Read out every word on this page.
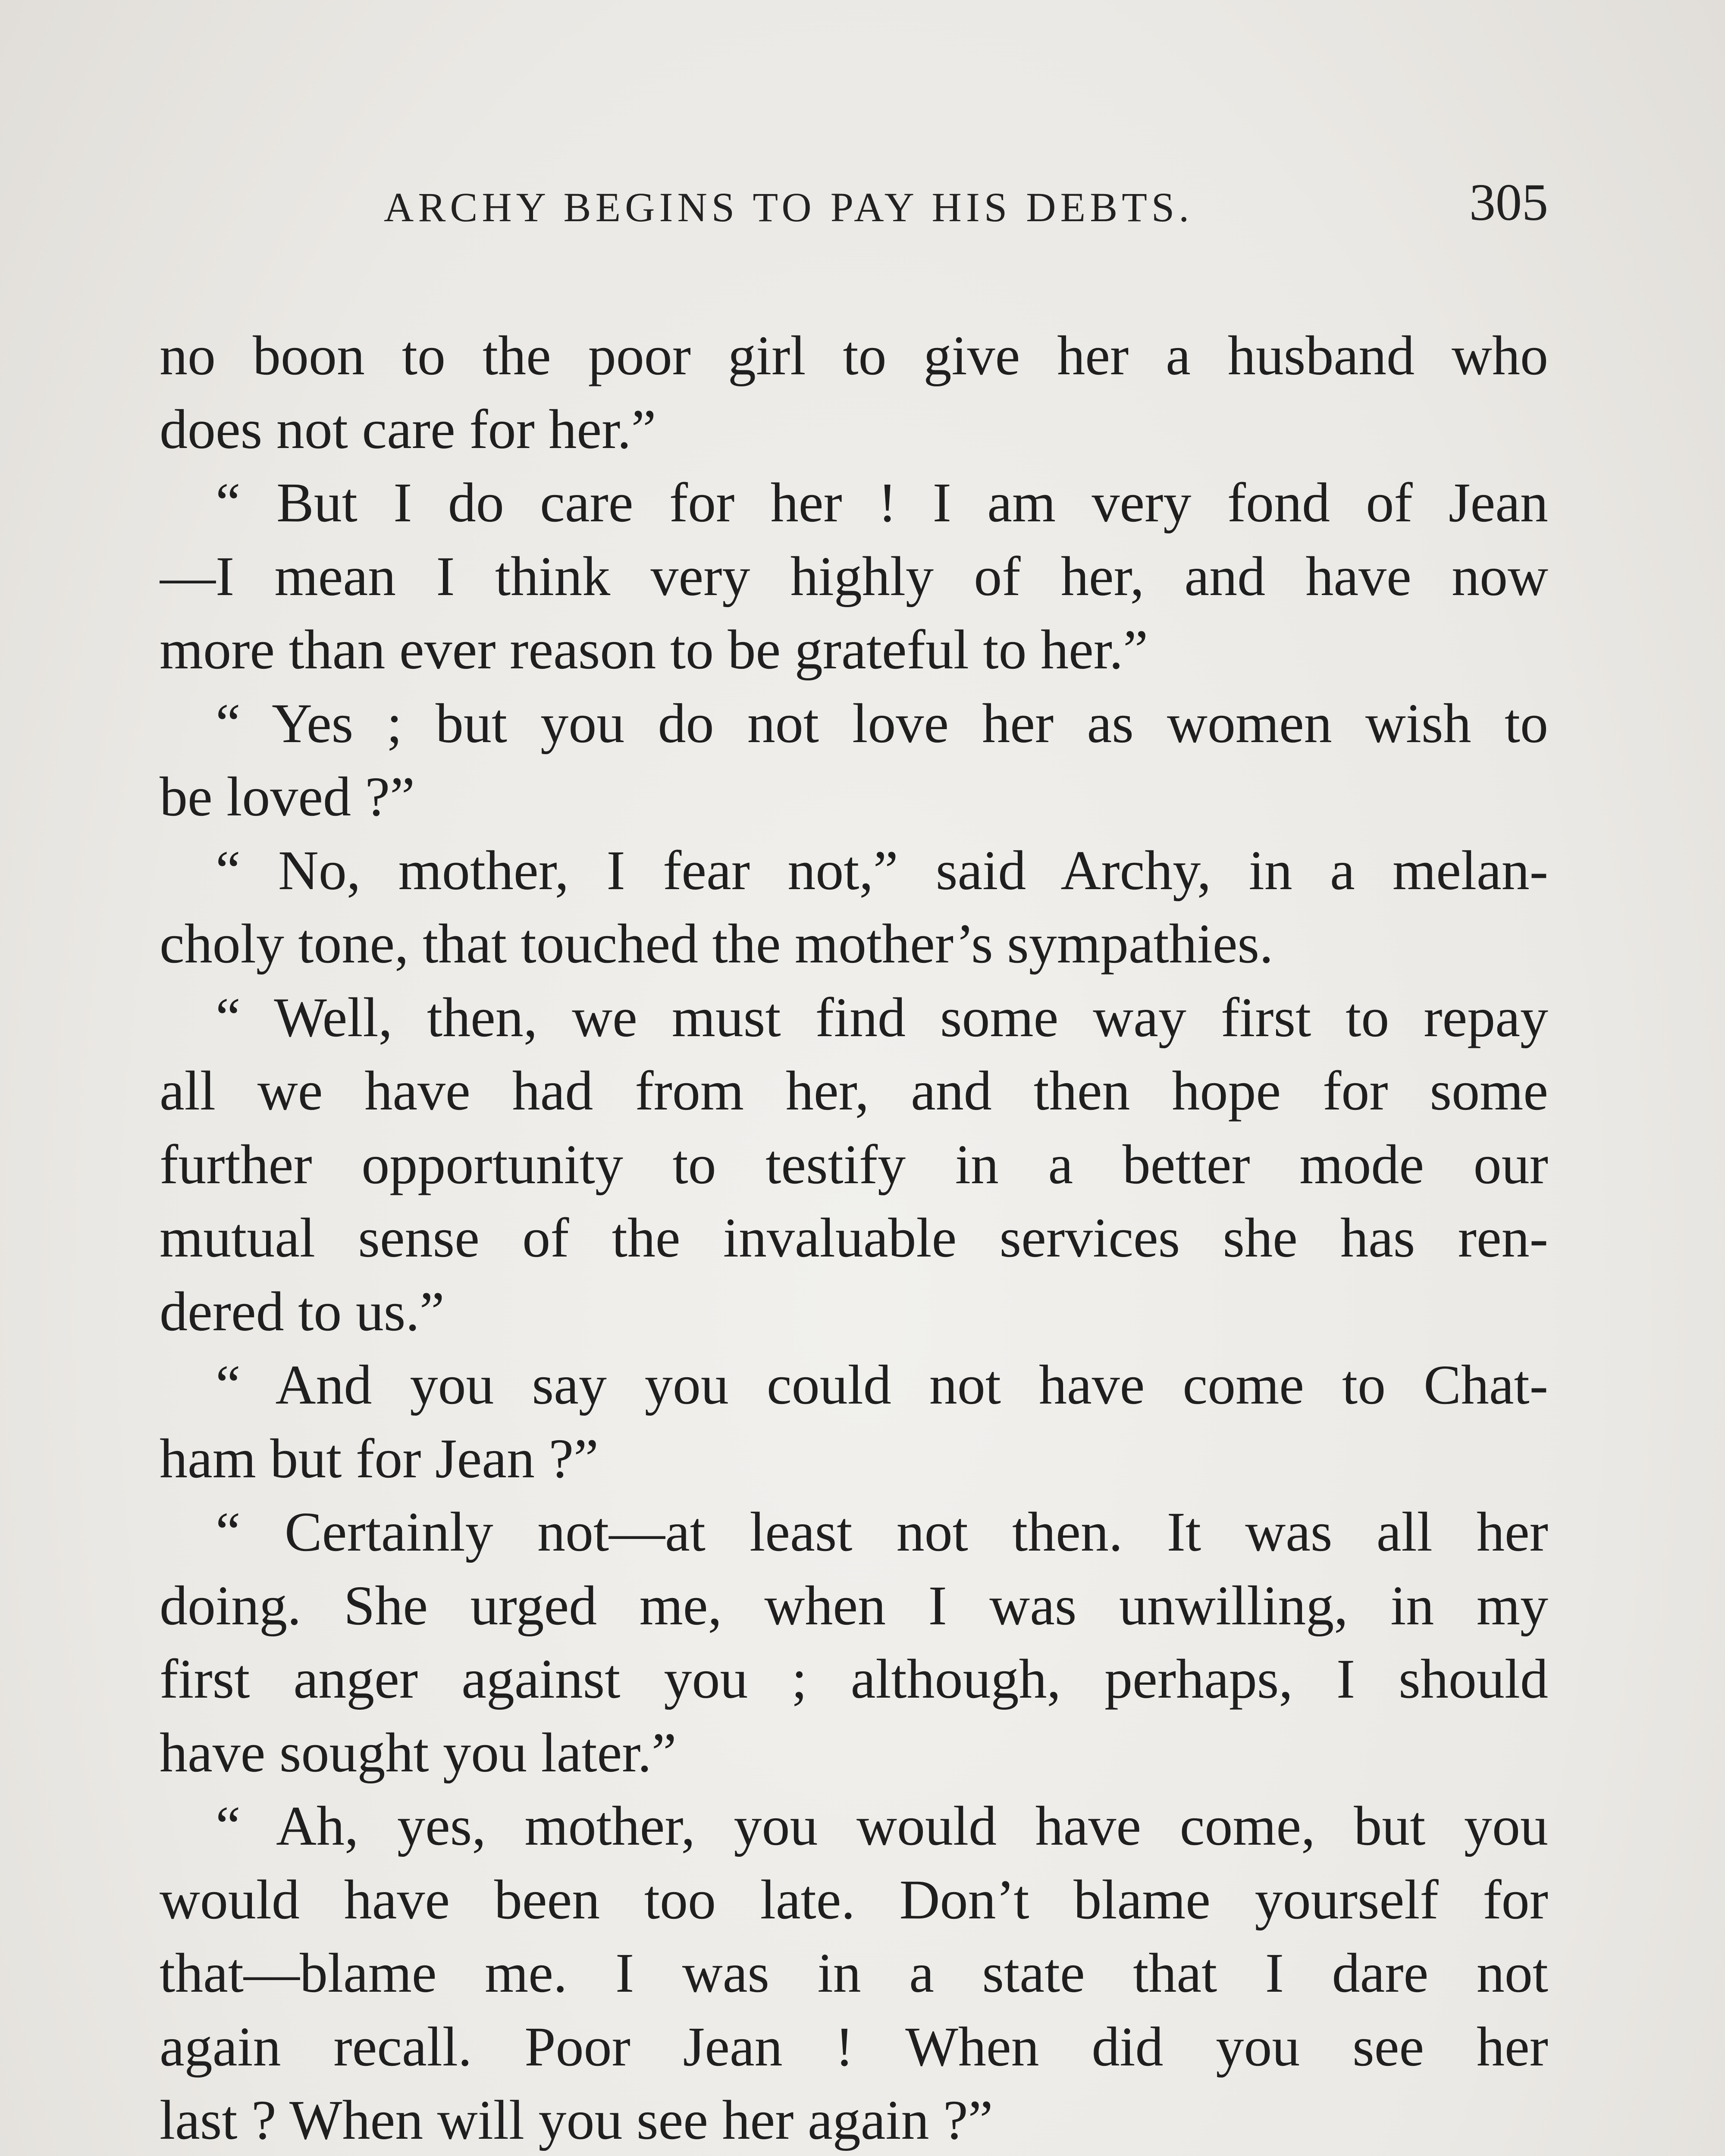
ARCHY BEGINS TO PAY HIS DEBTS.	305
no boon to the poor girl to give her a husband who
does not care for her.”
“ But I do care for her ! I am very fond of Jean
—I mean I think very highly of her, and have now
more than ever reason to be grateful to her.”
“ Yes ; but you do not love her as women wish to
be loved ?”
“ No, mother, I fear not,” said Archy, in a melan-
choly tone, that touched the mother’s sympathies.
“ Well, then, we must find some way first to repay
all we have had from her, and then hope for some
further opportunity to testify in a better mode our
mutual sense of the invaluable services she has ren-
dered to us.”
“ And you say you could not have come to Chat-
ham but for Jean ?”
“ Certainly not—at least not then. It was all her
doing. She urged me, when I was unwilling, in my
first anger against you ; although, perhaps, I should
have sought you later.”
“ Ah, yes, mother, you would have come, but you
would have been too late. Don’t blame yourself for
that—blame me. I was in a state that I dare not
again recall. Poor Jean ! When did you see her
last ? When will you see her again ?”
